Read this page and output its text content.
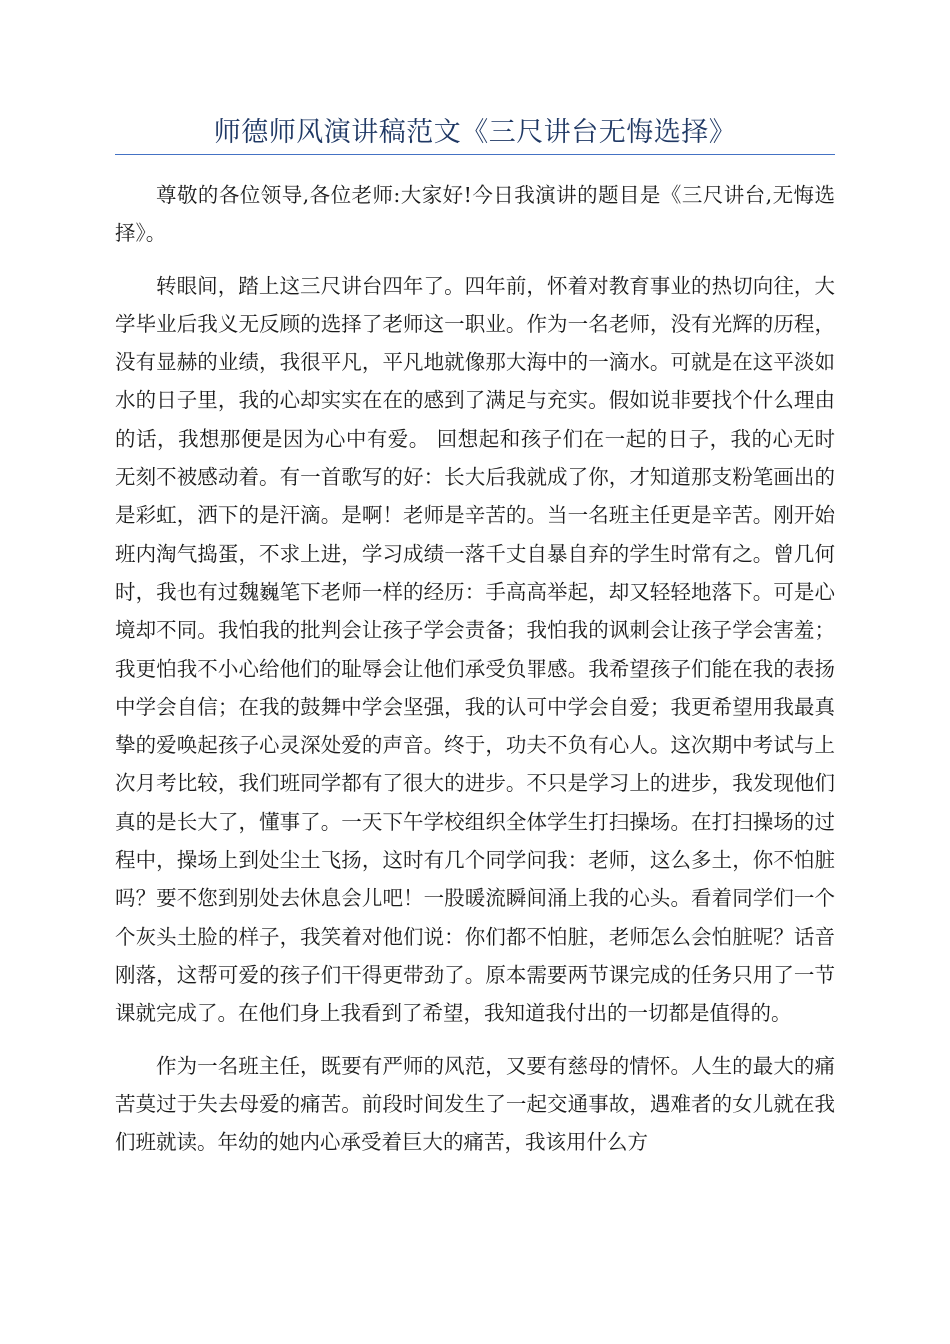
师德师风演讲稿范文《三尺讲台无悔选择》

尊敬的各位领导,各位老师:大家好!今日我演讲的题目是《三尺讲台,无悔选择》。

转眼间，踏上这三尺讲台四年了。四年前，怀着对教育事业的热切向往，大学毕业后我义无反顾的选择了老师这一职业。作为一名老师，没有光辉的历程，没有显赫的业绩，我很平凡，平凡地就像那大海中的一滴水。可就是在这平淡如水的日子里，我的心却实实在在的感到了满足与充实。假如说非要找个什么理由的话，我想那便是因为心中有爱。 回想起和孩子们在一起的日子，我的心无时无刻不被感动着。有一首歌写的好：长大后我就成了你，才知道那支粉笔画出的是彩虹，洒下的是汗滴。是啊！老师是辛苦的。当一名班主任更是辛苦。刚开始班内淘气捣蛋，不求上进，学习成绩一落千丈自暴自弃的学生时常有之。曾几何时，我也有过魏巍笔下老师一样的经历：手高高举起，却又轻轻地落下。可是心境却不同。我怕我的批判会让孩子学会责备；我怕我的讽刺会让孩子学会害羞；我更怕我不小心给他们的耻辱会让他们承受负罪感。我希望孩子们能在我的表扬中学会自信；在我的鼓舞中学会坚强，我的认可中学会自爱；我更希望用我最真挚的爱唤起孩子心灵深处爱的声音。终于，功夫不负有心人。这次期中考试与上次月考比较，我们班同学都有了很大的进步。不只是学习上的进步，我发现他们真的是长大了，懂事了。一天下午学校组织全体学生打扫操场。在打扫操场的过程中，操场上到处尘土飞扬，这时有几个同学问我：老师，这么多土，你不怕脏吗？要不您到别处去休息会儿吧！一股暖流瞬间涌上我的心头。看着同学们一个个灰头土脸的样子，我笑着对他们说：你们都不怕脏，老师怎么会怕脏呢？话音刚落，这帮可爱的孩子们干得更带劲了。原本需要两节课完成的任务只用了一节课就完成了。在他们身上我看到了希望，我知道我付出的一切都是值得的。

作为一名班主任，既要有严师的风范，又要有慈母的情怀。人生的最大的痛苦莫过于失去母爱的痛苦。前段时间发生了一起交通事故，遇难者的女儿就在我们班就读。年幼的她内心承受着巨大的痛苦，我该用什么方
